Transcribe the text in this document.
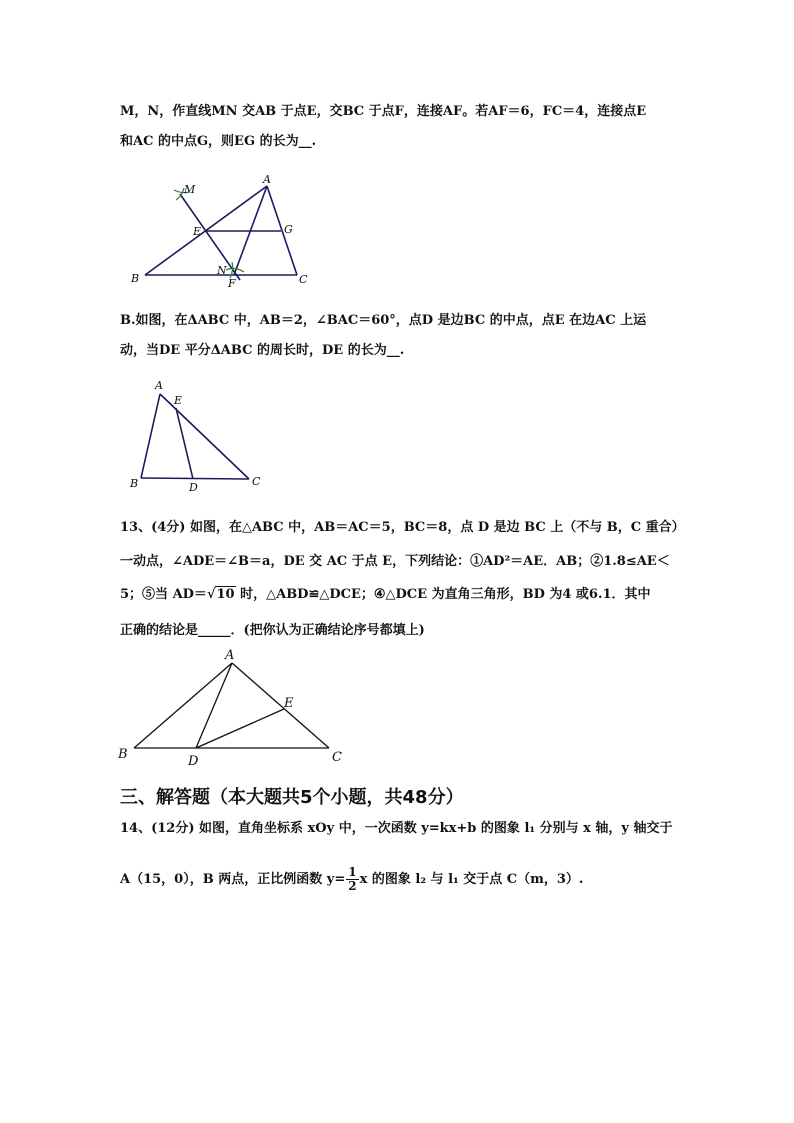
M，N，作直线MN 交AB 于点E，交BC 于点F，连接AF。若AF＝6，FC＝4，连接点E
和AC 的中点G，则EG 的长为__.
M
A
E	G
B
N
F	C
B.如图，在ΔABC 中，AB＝2，∠BAC＝60°，点D 是边BC 的中点，点E 在边AC 上运
动，当DE 平分ΔABC 的周长时，DE 的长为__.
A
E
B	D	C
13、(4分) 如图，在△ABC 中，AB＝AC＝5，BC＝8，点 D 是边 BC 上（不与 B，C 重合）
一动点，∠ADE＝∠B＝a，DE 交 AC 于点 E，下列结论：①AD²＝AE．AB；②1.8≤AE＜
5；⑤当 AD＝√10 时，△ABD≌△DCE；④△DCE 为直角三角形，BD 为4 或6.1．其中
正确的结论是_____．(把你认为正确结论序号都填上)
A
E
B	D	C
三、解答题（本大题共5个小题，共48分）
14、(12分) 如图，直角坐标系 xOy 中，一次函数 y=kx+b 的图象 l₁ 分别与 x 轴，y 轴交于
A（15，0），B 两点，正比例函数 $y= \frac{1}{2}$ x 的图象 l₂ 与 l₁ 交于点 C（m，3）.
